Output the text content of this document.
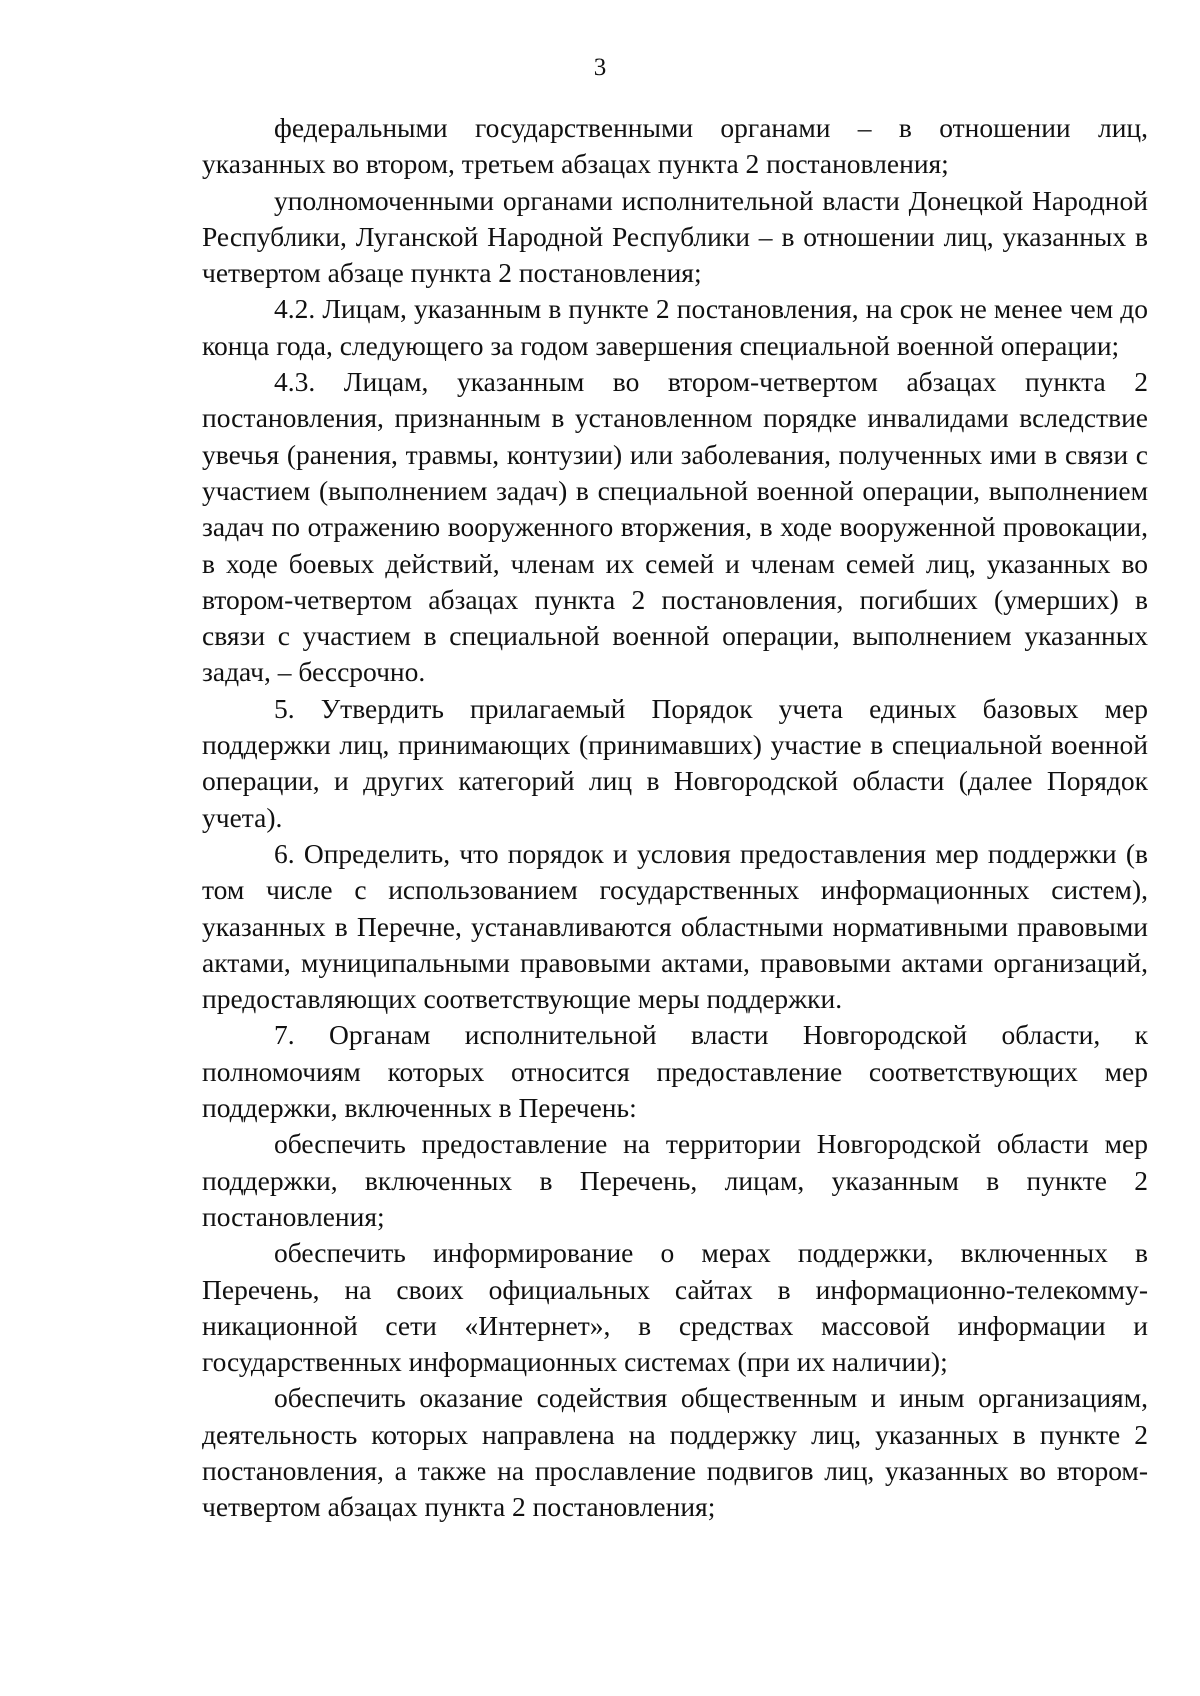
3

федеральными государственными органами – в отношении лиц, указанных во втором, третьем абзацах пункта 2 постановления;

уполномоченными органами исполнительной власти Донецкой Народной Республики, Луганской Народной Республики – в отношении лиц, указанных в четвертом абзаце пункта 2 постановления;

4.2. Лицам, указанным в пункте 2 постановления, на срок не менее чем до конца года, следующего за годом завершения специальной военной операции;

4.3. Лицам, указанным во втором-четвертом абзацах пункта 2 постановления, признанным в установленном порядке инвалидами вследствие увечья (ранения, травмы, контузии) или заболевания, полученных ими в связи с участием (выполнением задач) в специальной военной операции, выполнением задач по отражению вооруженного вторжения, в ходе вооруженной провокации, в ходе боевых действий, членам их семей и членам семей лиц, указанных во втором-четвертом абзацах пункта 2 постановления, погибших (умерших) в связи с участием в специальной военной операции, выполнением указанных задач, – бессрочно.

5. Утвердить прилагаемый Порядок учета единых базовых мер поддержки лиц, принимающих (принимавших) участие в специальной военной операции, и других категорий лиц в Новгородской области (далее Порядок учета).

6. Определить, что порядок и условия предоставления мер поддержки (в том числе с использованием государственных информационных систем), указанных в Перечне, устанавливаются областными нормативными правовыми актами, муниципальными правовыми актами, правовыми актами организаций, предоставляющих соответствующие меры поддержки.

7. Органам исполнительной власти Новгородской области, к полномочиям которых относится предоставление соответствующих мер поддержки, включенных в Перечень:

обеспечить предоставление на территории Новгородской области мер поддержки, включенных в Перечень, лицам, указанным в пункте 2 постановления;

обеспечить информирование о мерах поддержки, включенных в Перечень, на своих официальных сайтах в информационно-телекоммуникационной сети «Интернет», в средствах массовой информации и государственных информационных системах (при их наличии);

обеспечить оказание содействия общественным и иным организациям, деятельность которых направлена на поддержку лиц, указанных в пункте 2 постановления, а также на прославление подвигов лиц, указанных во втором-четвертом абзацах пункта 2 постановления;
